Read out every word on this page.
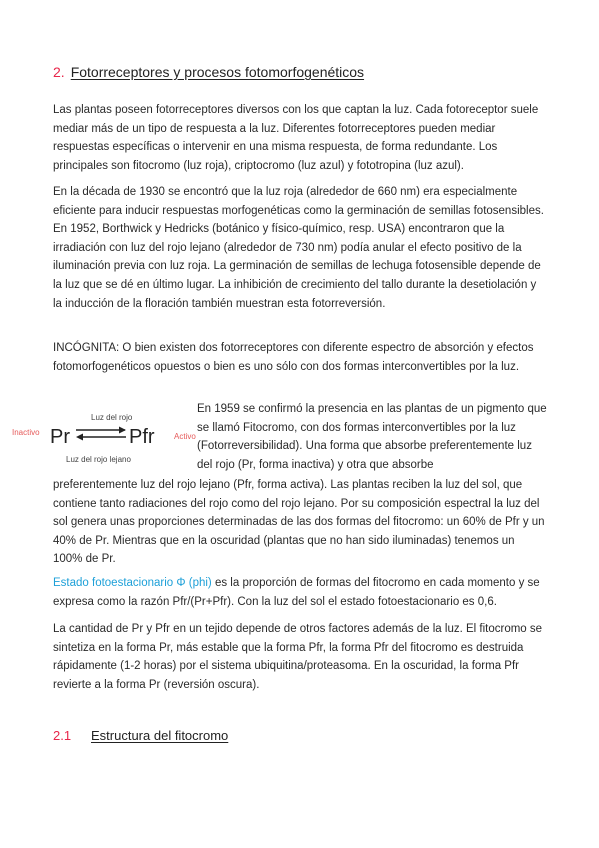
2. Fotorreceptores y procesos fotomorfogenéticos

Las plantas poseen fotorreceptores diversos con los que captan la luz. Cada fotoreceptor suele mediar más de un tipo de respuesta a la luz. Diferentes fotorreceptores pueden mediar respuestas específicas o intervenir en una misma respuesta, de forma redundante. Los principales son fitocromo (luz roja), criptocromo (luz azul) y fototropina (luz azul).

En la década de 1930 se encontró que la luz roja (alrededor de 660 nm) era especialmente eficiente para inducir respuestas morfogenéticas como la germinación de semillas fotosensibles. En 1952, Borthwick y Hedricks (botánico y físico-químico, resp. USA) encontraron que la irradiación con luz del rojo lejano (alrededor de 730 nm) podía anular el efecto positivo de la iluminación previa con luz roja. La germinación de semillas de lechuga fotosensible depende de la luz que se dé en último lugar. La inhibición de crecimiento del tallo durante la desetiolación y la inducción de la floración también muestran esta fotorreversión.

INCÓGNITA: O bien existen dos fotorreceptores con diferente espectro de absorción y efectos fotomorfogenéticos opuestos o bien es uno sólo con dos formas interconvertibles por la luz.

Inactivo Pr	Pfr Activo
Luz del rojo
Luz del rojo lejano

En 1959 se confirmó la presencia en las plantas de un pigmento que se llamó Fitocromo, con dos formas interconvertibles por la luz (Fotorreversibilidad). Una forma que absorbe preferentemente luz del rojo (Pr, forma inactiva) y otra que absorbe

preferentemente luz del rojo lejano (Pfr, forma activa). Las plantas reciben la luz del sol, que contiene tanto radiaciones del rojo como del rojo lejano. Por su composición espectral la luz del sol genera unas proporciones determinadas de las dos formas del fitocromo: un 60% de Pfr y un 40% de Pr. Mientras que en la oscuridad (plantas que no han sido iluminadas) tenemos un 100% de Pr.

Estado fotoestacionario Φ (phi) es la proporción de formas del fitocromo en cada momento y se expresa como la razón Pfr/(Pr+Pfr). Con la luz del sol el estado fotoestacionario es 0,6.

La cantidad de Pr y Pfr en un tejido depende de otros factores además de la luz. El fitocromo se sintetiza en la forma Pr, más estable que la forma Pfr, la forma Pfr del fitocromo es destruida rápidamente (1-2 horas) por el sistema ubiquitina/proteasoma. En la oscuridad, la forma Pfr revierte a la forma Pr (reversión oscura).

2.1 Estructura del fitocromo
